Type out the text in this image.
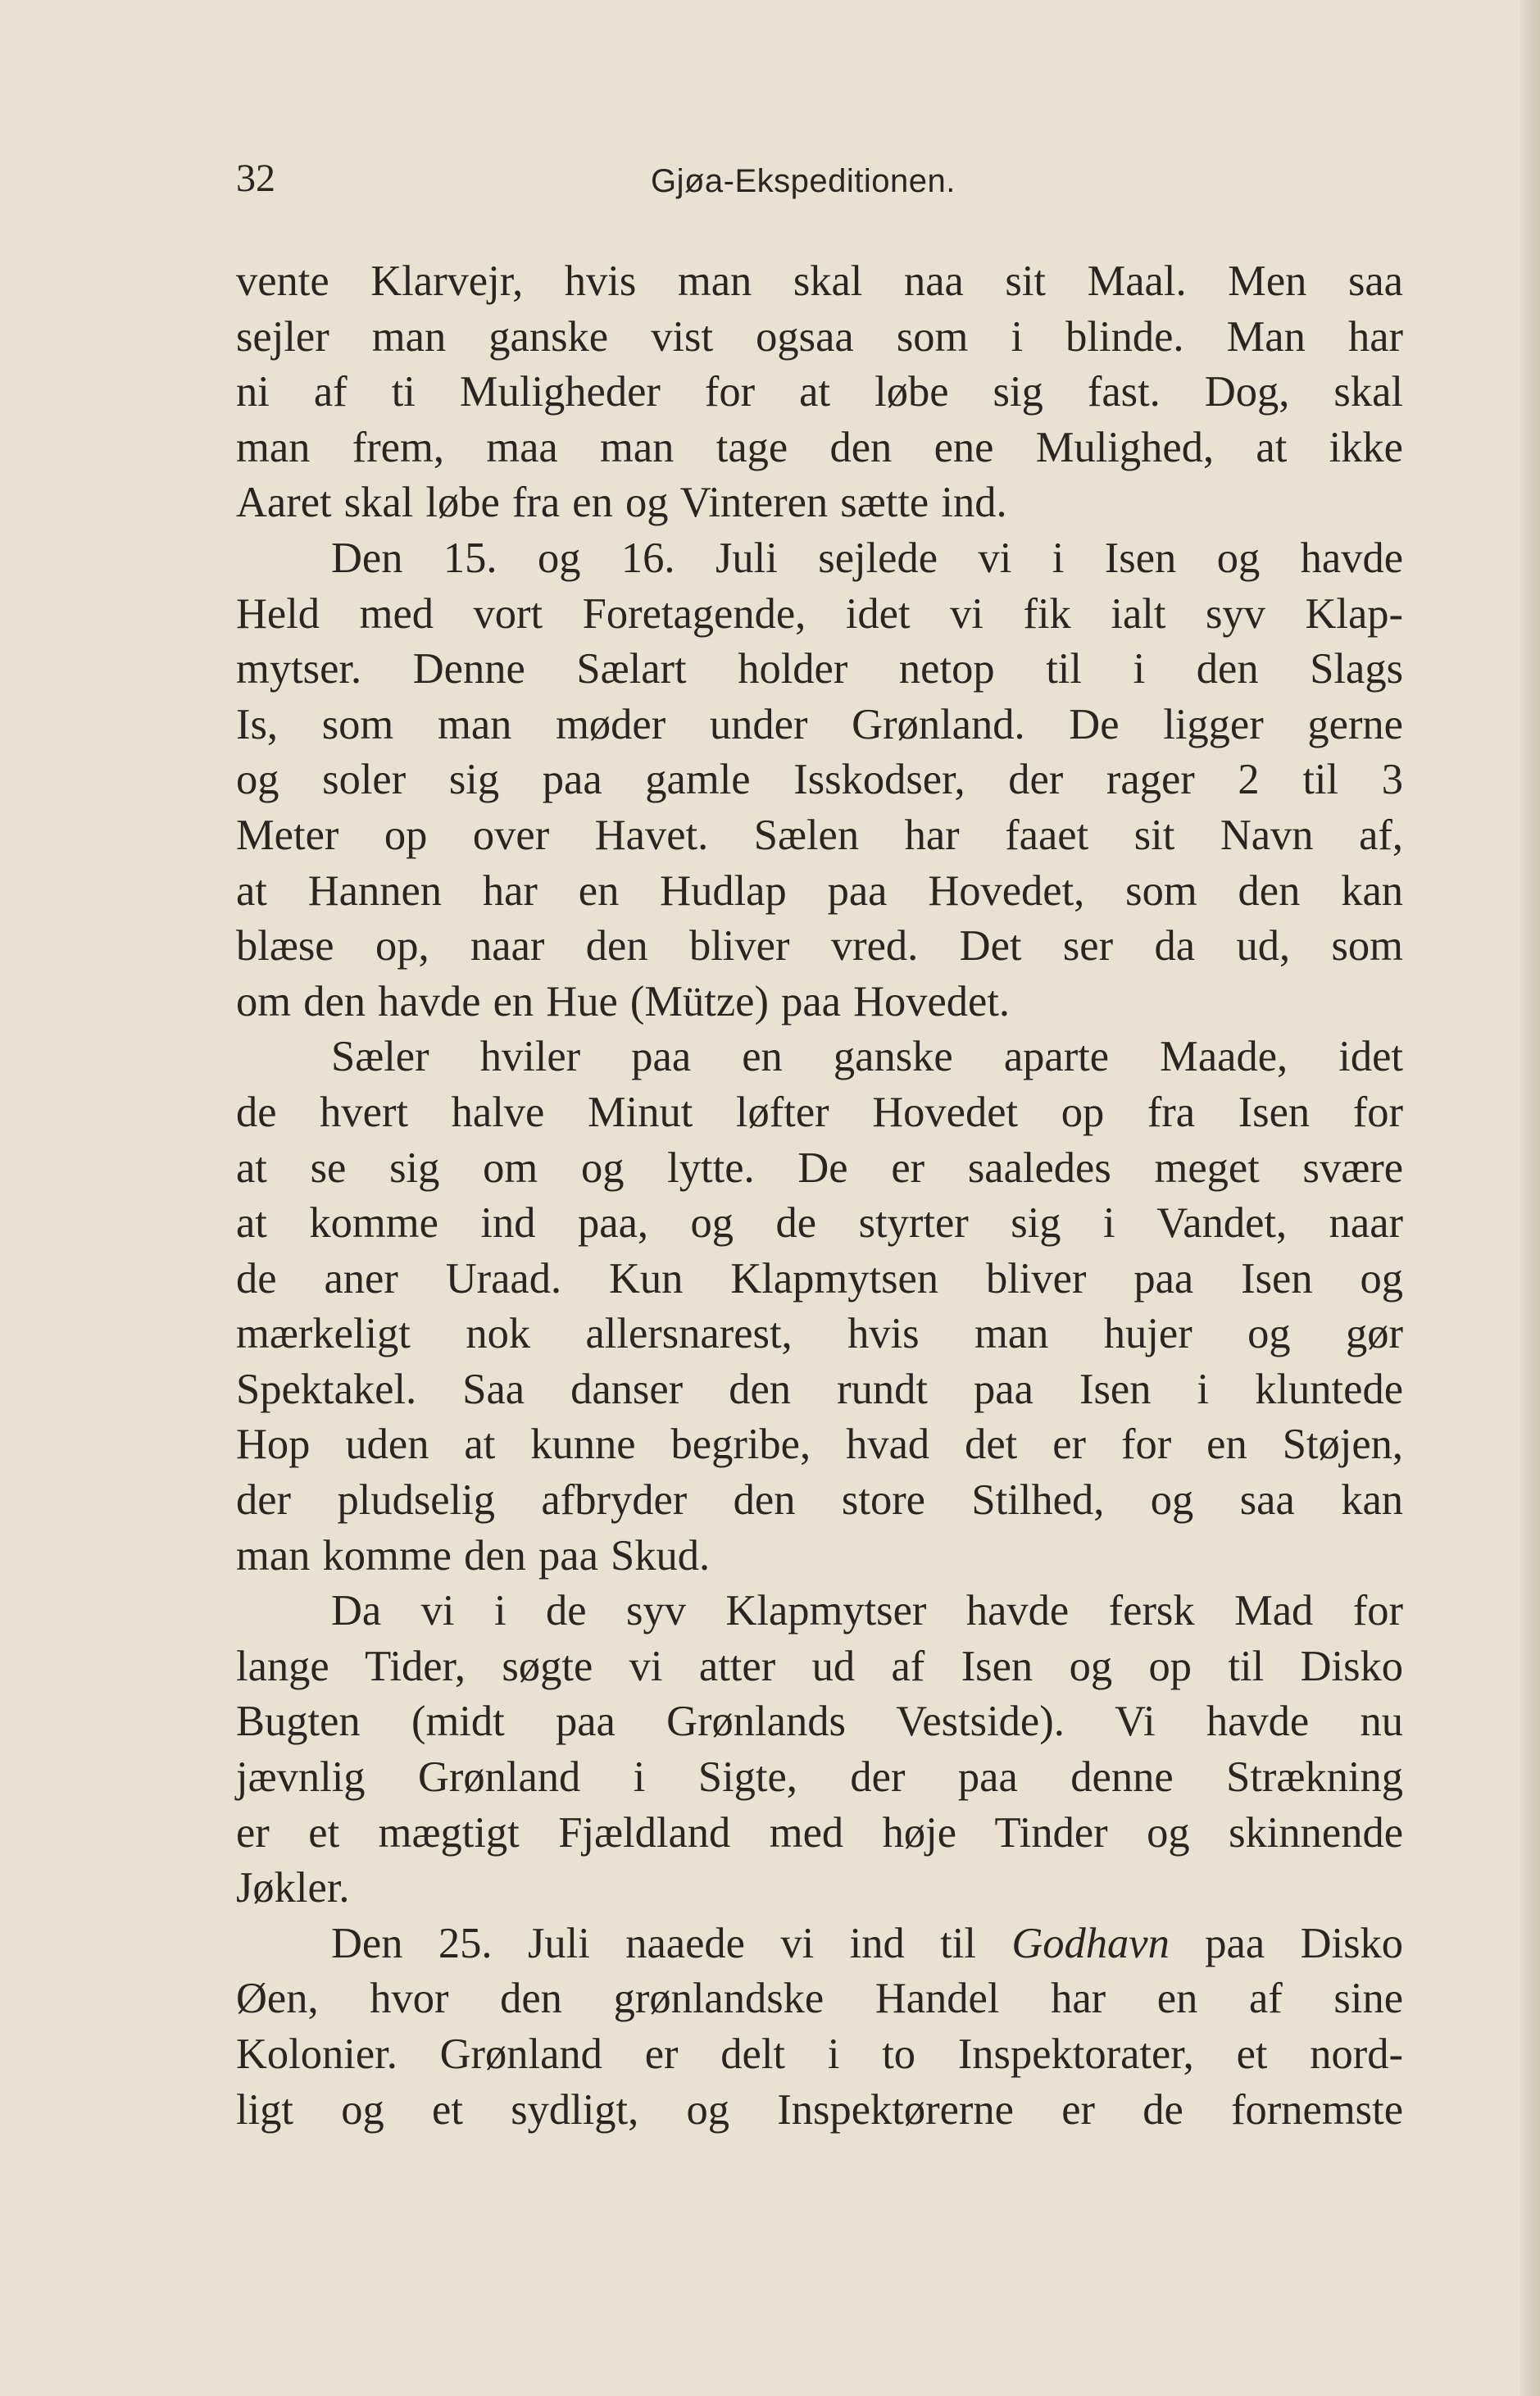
32	Gjøa-Ekspeditionen.
vente Klarvejr, hvis man skal naa sit Maal. Men saa
sejler man ganske vist ogsaa som i blinde. Man har
ni af ti Muligheder for at løbe sig fast. Dog, skal
man frem, maa man tage den ene Mulighed, at ikke
Aaret skal løbe fra en og Vinteren sætte ind.
Den 15. og 16. Juli sejlede vi i Isen og havde
Held med vort Foretagende, idet vi fik ialt syv Klap-
mytser. Denne Sælart holder netop til i den Slags
Is, som man møder under Grønland. De ligger gerne
og soler sig paa gamle Isskodser, der rager 2 til 3
Meter op over Havet. Sælen har faaet sit Navn af,
at Hannen har en Hudlap paa Hovedet, som den kan
blæse op, naar den bliver vred. Det ser da ud, som
om den havde en Hue (Mütze) paa Hovedet.
Sæler hviler paa en ganske aparte Maade, idet
de hvert halve Minut løfter Hovedet op fra Isen for
at se sig om og lytte. De er saaledes meget svære
at komme ind paa, og de styrter sig i Vandet, naar
de aner Uraad. Kun Klapmytsen bliver paa Isen og
mærkeligt nok allersnarest, hvis man hujer og gør
Spektakel. Saa danser den rundt paa Isen i kluntede
Hop uden at kunne begribe, hvad det er for en Støjen,
der pludselig afbryder den store Stilhed, og saa kan
man komme den paa Skud.
Da vi i de syv Klapmytser havde fersk Mad for
lange Tider, søgte vi atter ud af Isen og op til Disko
Bugten (midt paa Grønlands Vestside). Vi havde nu
jævnlig Grønland i Sigte, der paa denne Strækning
er et mægtigt Fjældland med høje Tinder og skinnende
Jøkler.
Den 25. Juli naaede vi ind til Godhavn paa Disko
Øen, hvor den grønlandske Handel har en af sine
Kolonier. Grønland er delt i to Inspektorater, et nord-
ligt og et sydligt, og Inspektørerne er de fornemste
